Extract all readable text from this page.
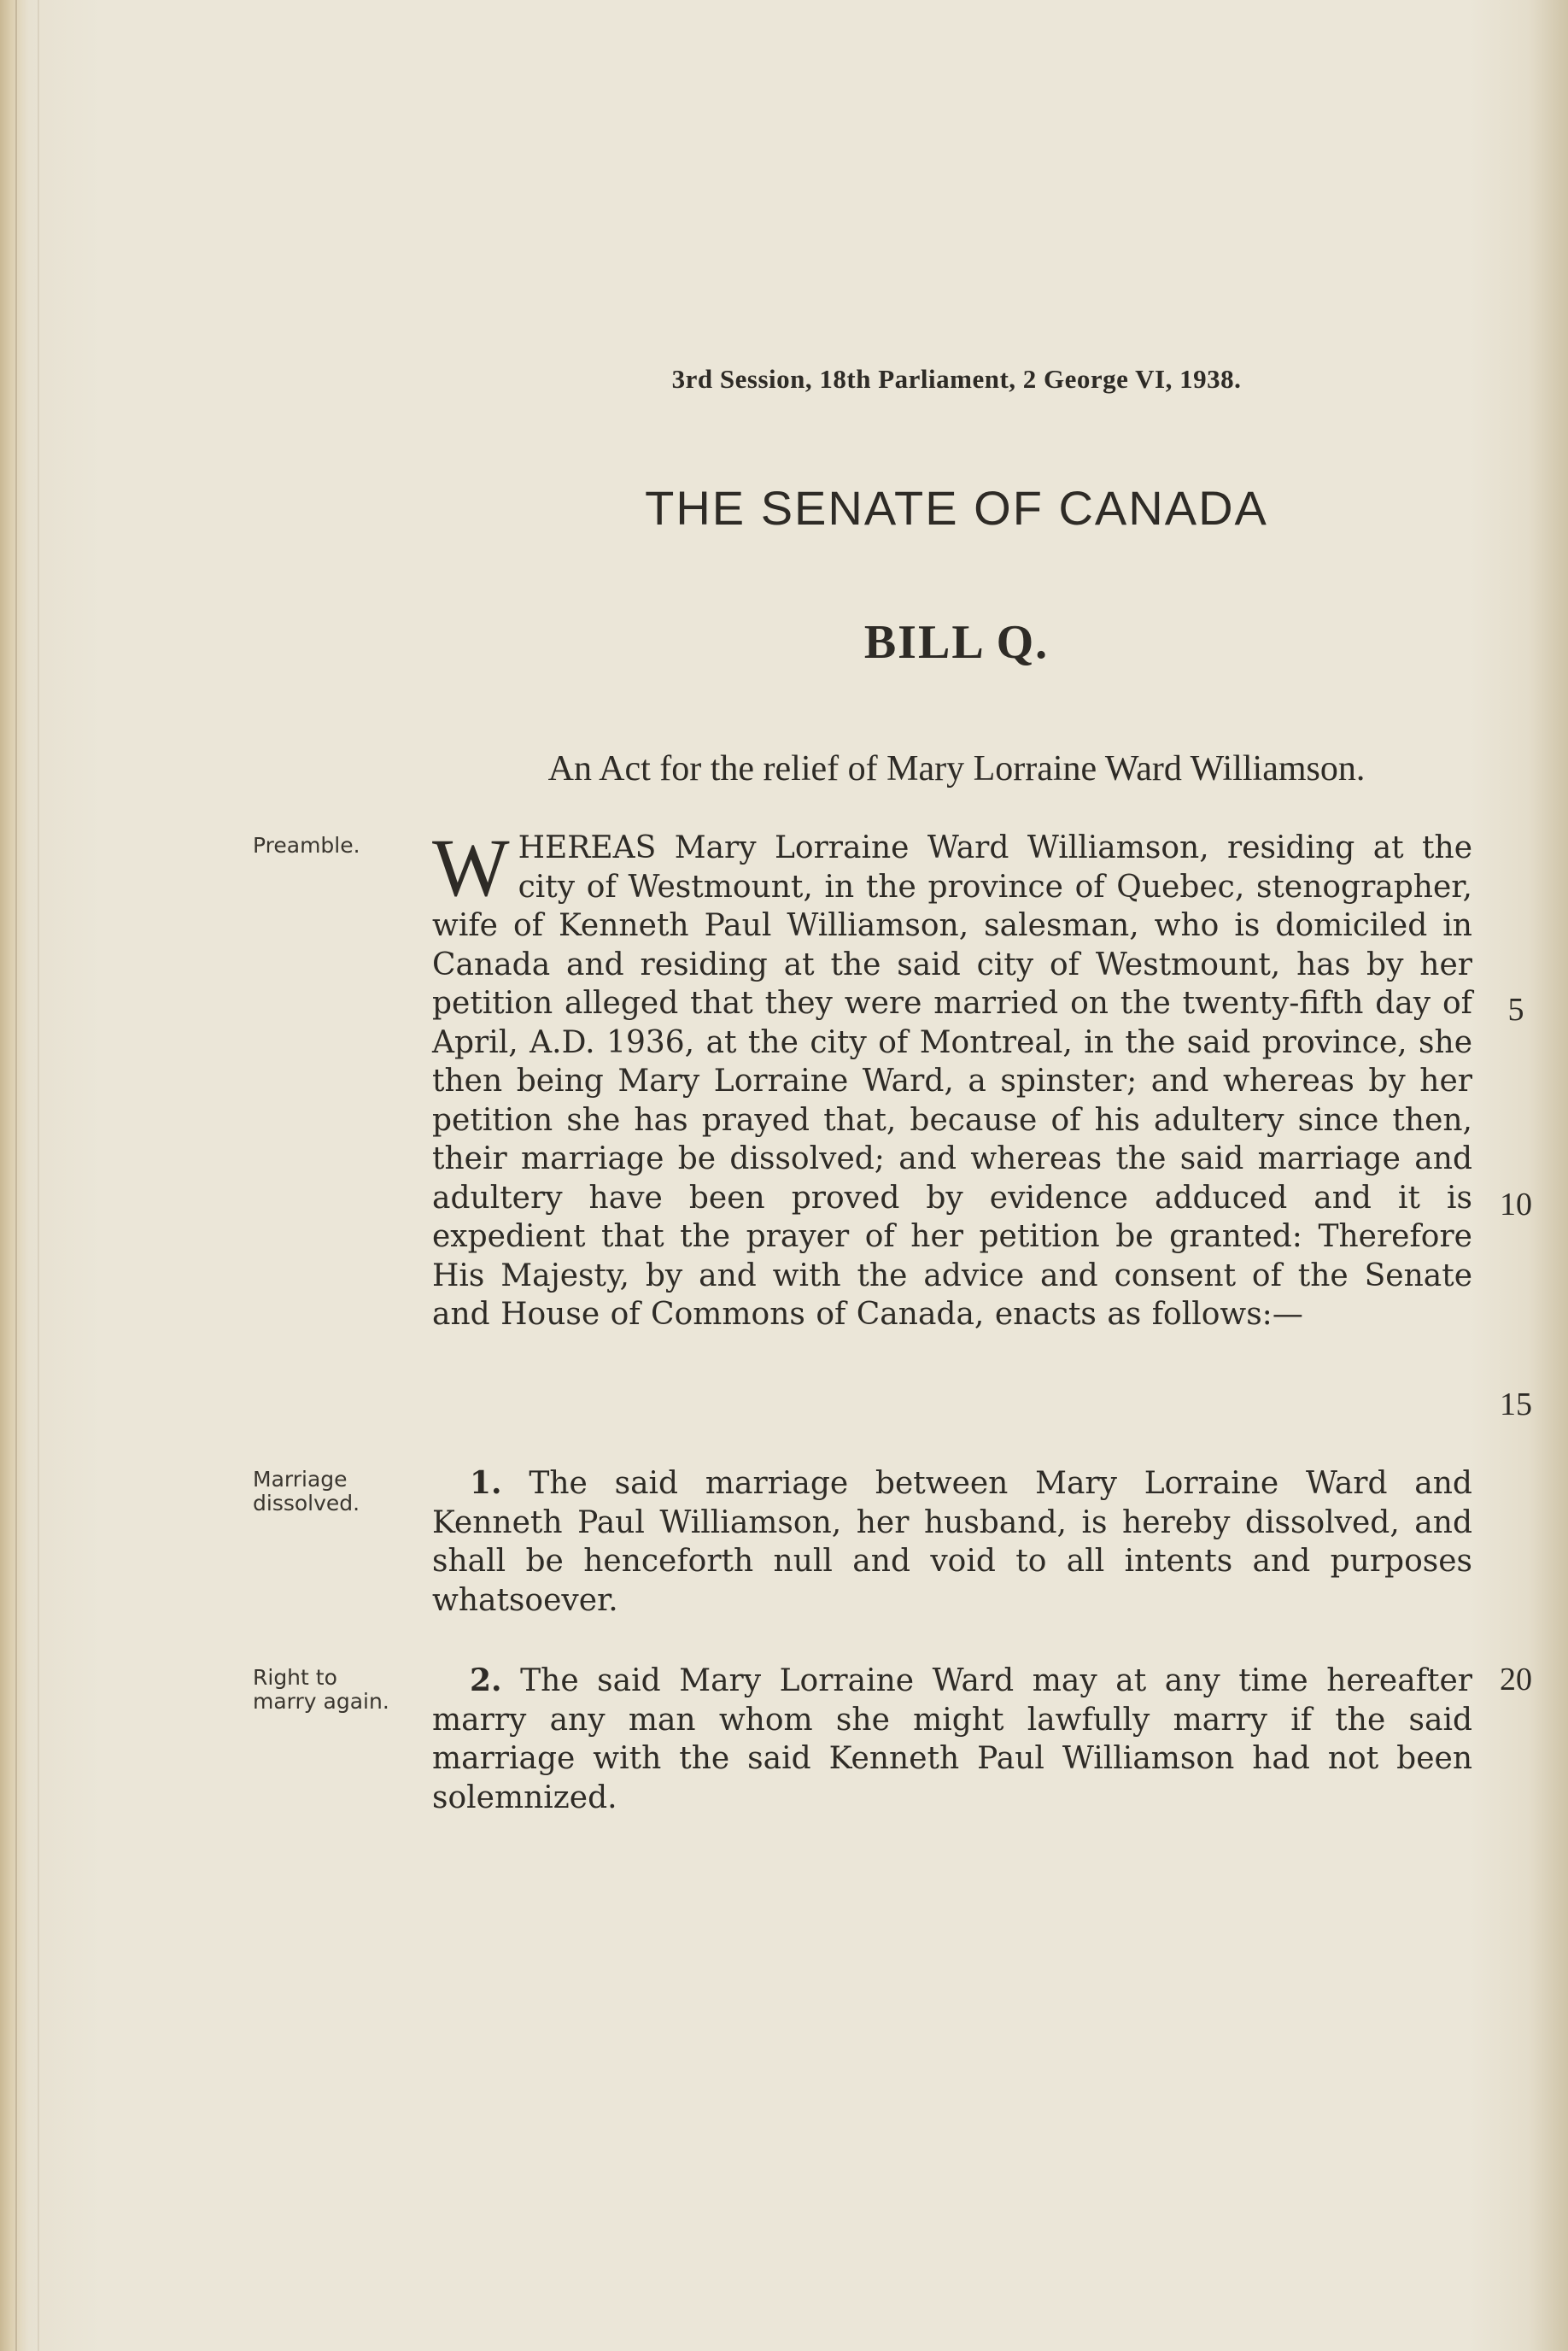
3rd Session, 18th Parliament, 2 George VI, 1938.
THE SENATE OF CANADA
BILL Q.
An Act for the relief of Mary Lorraine Ward Williamson.
Preamble.
Marriage
dissolved.
Right to
marry again.
WHEREAS Mary Lorraine Ward Williamson, residing at the city of Westmount, in the province of Quebec, stenographer, wife of Kenneth Paul Williamson, salesman, who is domiciled in Canada and residing at the said city of Westmount, has by her petition alleged that they were married on the twenty-fifth day of April, A.D. 1936, at the city of Montreal, in the said province, she then being Mary Lorraine Ward, a spinster; and whereas by her petition she has prayed that, because of his adultery since then, their marriage be dissolved; and whereas the said marriage and adultery have been proved by evidence adduced and it is expedient that the prayer of her petition be granted: Therefore His Majesty, by and with the advice and consent of the Senate and House of Commons of Canada, enacts as follows:—
1. The said marriage between Mary Lorraine Ward and Kenneth Paul Williamson, her husband, is hereby dissolved, and shall be henceforth null and void to all intents and purposes whatsoever.
2. The said Mary Lorraine Ward may at any time hereafter marry any man whom she might lawfully marry if the said marriage with the said Kenneth Paul Williamson had not been solemnized.
5
10
15
20
